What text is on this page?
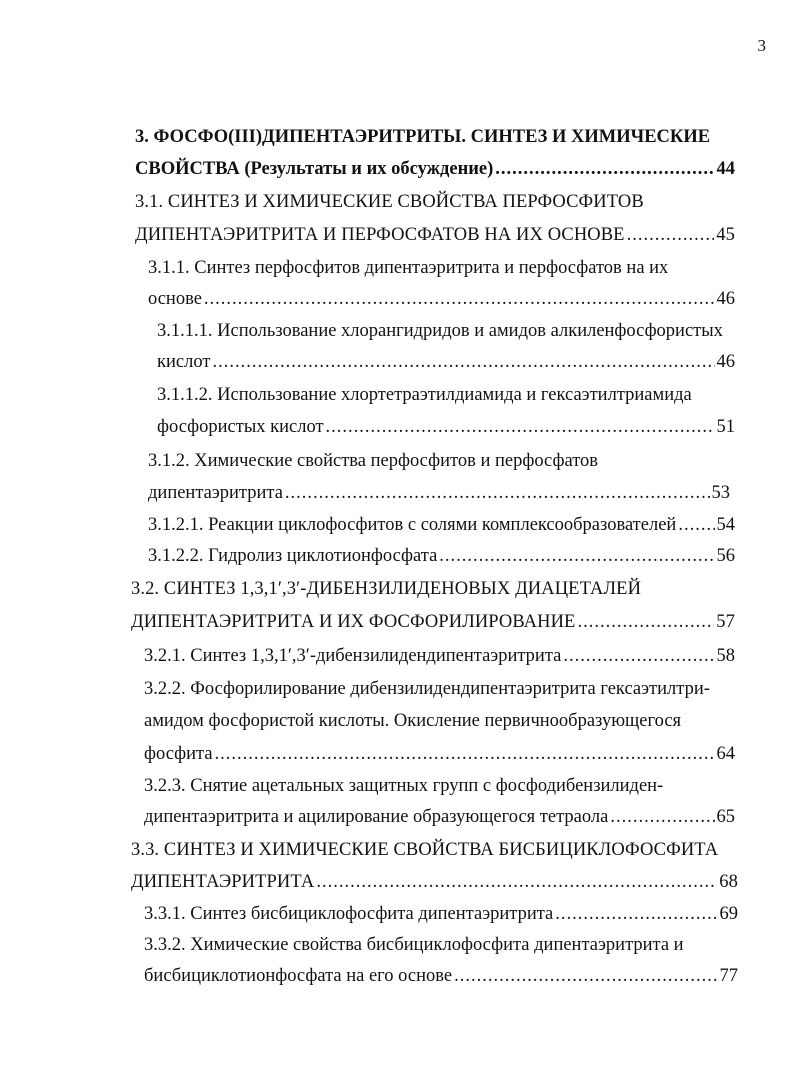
3
3. ФОСФО(III)ДИПЕНТАЭРИТРИТЫ. СИНТЕЗ И ХИМИЧЕСКИЕ
СВОЙСТВА (Результаты и их обсуждение) .....	44
3.1. СИНТЕЗ И ХИМИЧЕСКИЕ СВОЙСТВА ПЕРФОСФИТОВ
ДИПЕНТАЭРИТРИТА И ПЕРФОСФАТОВ НА ИХ ОСНОВЕ .....	45
3.1.1. Синтез перфосфитов дипентаэритрита и перфосфатов на их
основе .....	46
3.1.1.1. Использование хлорангидридов и амидов алкиленфосфористых
кислот .....	46
3.1.1.2. Использование хлортетраэтилдиамида и гексаэтилтриамида
фосфористых кислот .....	51
3.1.2. Химические свойства перфосфитов и перфосфатов
дипентаэритрита .....	53
3.1.2.1. Реакции циклофосфитов с солями комплексообразователей ..... 54
3.1.2.2. Гидролиз циклотионфосфата .....	56
3.2. СИНТЕЗ 1,3,1′,3′-ДИБЕНЗИЛИДЕНОВЫХ ДИАЦЕТАЛЕЙ
ДИПЕНТАЭРИТРИТА И ИХ ФОСФОРИЛИРОВАНИЕ .....	57
3.2.1. Синтез 1,3,1′,3′-дибензилидендипентаэритрита .....	58
3.2.2. Фосфорилирование дибензилидендипентаэритрита гексаэтилтри-
амидом фосфористой кислоты. Окисление первичнообразующегося
фосфита .....	64
3.2.3. Снятие ацетальных защитных групп с фосфодибензилиден-
дипентаэритрита и ацилирование образующегося тетраола .....	65
3.3. СИНТЕЗ И ХИМИЧЕСКИЕ СВОЙСТВА БИСБИЦИКЛОФОСФИТА
ДИПЕНТАЭРИТРИТА .....	68
3.3.1. Синтез бисбициклофосфита дипентаэритрита .....	69
3.3.2. Химические свойства бисбициклофосфита дипентаэритрита и
бисбициклотионфосфата на его основе .....	77
